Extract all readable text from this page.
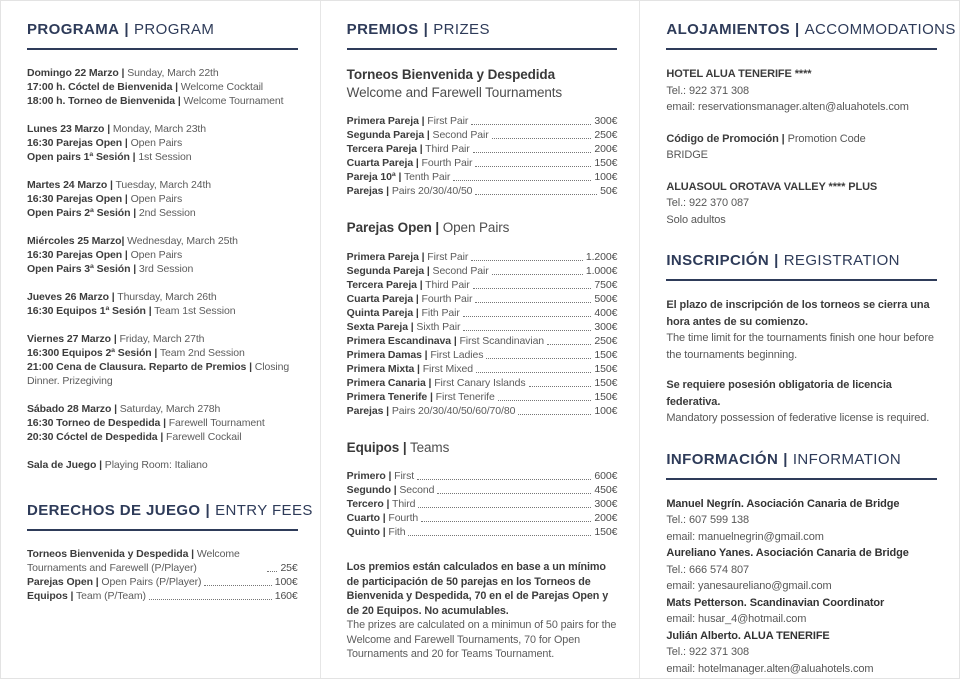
PROGRAMA | PROGRAM
Domingo 22 Marzo | Sunday, March 22th
17:00 h. Cóctel de Bienvenida | Welcome Cocktail
18:00 h. Torneo de Bienvenida | Welcome Tournament
Lunes 23 Marzo | Monday, March 23th
16:30 Parejas Open | Open Pairs
Open pairs 1ª Sesión | 1st Session
Martes 24 Marzo | Tuesday, March 24th
16:30 Parejas Open | Open Pairs
Open Pairs 2ª Sesión | 2nd Session
Miércoles 25 Marzo| Wednesday, March 25th
16:30 Parejas Open | Open Pairs
Open Pairs 3ª Sesión | 3rd Session
Jueves 26 Marzo | Thursday, March 26th
16:30 Equipos 1ª Sesión | Team 1st Session
Viernes 27 Marzo | Friday, March 27th
16:300 Equipos 2ª Sesión | Team 2nd Session
21:00 Cena de Clausura. Reparto de Premios | Closing Dinner. Prizegiving
Sábado 28 Marzo | Saturday, March 278h
16:30 Torneo de Despedida | Farewell Tournament
20:30 Cóctel de Despedida | Farewell Cockail
Sala de Juego | Playing Room: Italiano
DERECHOS DE JUEGO | ENTRY FEES
Torneos Bienvenida y Despedida | Welcome Tournaments and Farewell (P/Player)	25€
Parejas Open | Open Pairs (P/Player)	100€
Equipos | Team (P/Team)	160€
PREMIOS | PRIZES
Torneos Bienvenida y Despedida
Welcome and Farewell Tournaments
Primera Pareja | First Pair	300€
Segunda Pareja | Second Pair	250€
Tercera Pareja | Third Pair	200€
Cuarta Pareja | Fourth Pair	150€
Pareja 10ª | Tenth Pair	100€
Parejas | Pairs 20/30/40/50	50€
Parejas Open | Open Pairs
Primera Pareja | First Pair	1.200€
Segunda Pareja | Second Pair	1.000€
Tercera Pareja | Third Pair	750€
Cuarta Pareja | Fourth Pair	500€
Quinta Pareja | Fith Pair	400€
Sexta Pareja | Sixth Pair	300€
Primera Escandinava | First Scandinavian	250€
Primera Damas | First Ladies	150€
Primera Mixta | First Mixed	150€
Primera Canaria | First Canary Islands	150€
Primera Tenerife | First Tenerife	150€
Parejas | Pairs 20/30/40/50/60/70/80	100€
Equipos | Teams
Primero | First	600€
Segundo | Second	450€
Tercero | Third	300€
Cuarto | Fourth	200€
Quinto | Fith	150€

Los premios están calculados en base a un mínimo de participación de 50 parejas en los Torneos de Bienvenida y Despedida, 70 en el de Parejas Open y de 20 Equipos. No acumulables.

The prizes are calculated on a minimun of 50 pairs for the Welcome and Farewell Tournaments, 70 for Open Tournaments and 20 for Teams Tournament.

ALOJAMIENTOS | ACCOMMODATIONS
HOTEL ALUA TENERIFE ****
Tel.: 922 371 308
email: reservationsmanager.alten@aluahotels.com
Código de Promoción | Promotion Code
BRIDGE
ALUASOUL OROTAVA VALLEY **** PLUS
Tel.: 922 370 087
Solo adultos
INSCRIPCIÓN | REGISTRATION

El plazo de inscripción de los torneos se cierra una hora antes de su comienzo.

The time limit for the tournaments finish one hour before the tournaments beginning.

Se requiere posesión obligatoria de licencia federativa.

Mandatory possession of federative license is required.

INFORMACIÓN | INFORMATION
Manuel Negrín. Asociación Canaria de Bridge
Tel.: 607 599 138
email: manuelnegrin@gmail.com
Aureliano Yanes. Asociación Canaria de Bridge
Tel.: 666 574 807
email: yanesaureliano@gmail.com
Mats Petterson. Scandinavian Coordinator
email: husar_4@hotmail.com
Julián Alberto. ALUA TENERIFE
Tel.: 922 371 308
email: hotelmanager.alten@aluahotels.com
